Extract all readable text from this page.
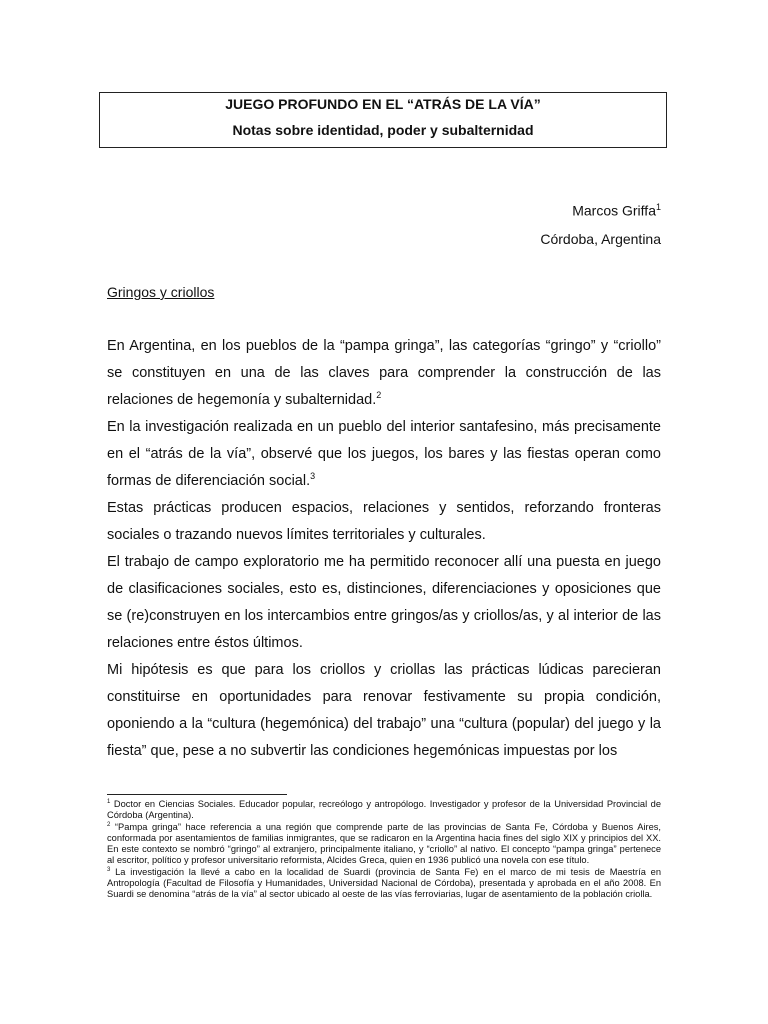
JUEGO PROFUNDO EN EL “ATRÁS DE LA VÍA”
Notas sobre identidad, poder y subalternidad
Marcos Griffa$^1$
Córdoba, Argentina
Gringos y criollos

En Argentina, en los pueblos de la “pampa gringa”, las categorías “gringo” y “criollo” se constituyen en una de las claves para comprender la construcción de las relaciones de hegemonía y subalternidad.$^2$

En la investigación realizada en un pueblo del interior santafesino, más precisamente en el “atrás de la vía”, observé que los juegos, los bares y las fiestas operan como formas de diferenciación social.$^3$

Estas prácticas producen espacios, relaciones y sentidos, reforzando fronteras sociales o trazando nuevos límites territoriales y culturales.

El trabajo de campo exploratorio me ha permitido reconocer allí una puesta en juego de clasificaciones sociales, esto es, distinciones, diferenciaciones y oposiciones que se (re)construyen en los intercambios entre gringos/as y criollos/as, y al interior de las relaciones entre éstos últimos.

Mi hipótesis es que para los criollos y criollas las prácticas lúdicas parecieran constituirse en oportunidades para renovar festivamente su propia condición, oponiendo a la “cultura (hegemónica) del trabajo” una “cultura (popular) del juego y la fiesta” que, pese a no subvertir las condiciones hegemónicas impuestas por los

$^1$ Doctor en Ciencias Sociales. Educador popular, recreólogo y antropólogo. Investigador y profesor de la Universidad Provincial de Córdoba (Argentina).

$^2$ “Pampa gringa” hace referencia a una región que comprende parte de las provincias de Santa Fe, Córdoba y Buenos Aires, conformada por asentamientos de familias inmigrantes, que se radicaron en la Argentina hacia fines del siglo XIX y principios del XX. En este contexto se nombró “gringo” al extranjero, principalmente italiano, y “criollo” al nativo. El concepto “pampa gringa” pertenece al escritor, político y profesor universitario reformista, Alcides Greca, quien en 1936 publicó una novela con ese título.

$^3$ La investigación la llevé a cabo en la localidad de Suardi (provincia de Santa Fe) en el marco de mi tesis de Maestría en Antropología (Facultad de Filosofía y Humanidades, Universidad Nacional de Córdoba), presentada y aprobada en el año 2008. En Suardi se denomina “atrás de la vía” al sector ubicado al oeste de las vías ferroviarias, lugar de asentamiento de la población criolla.
